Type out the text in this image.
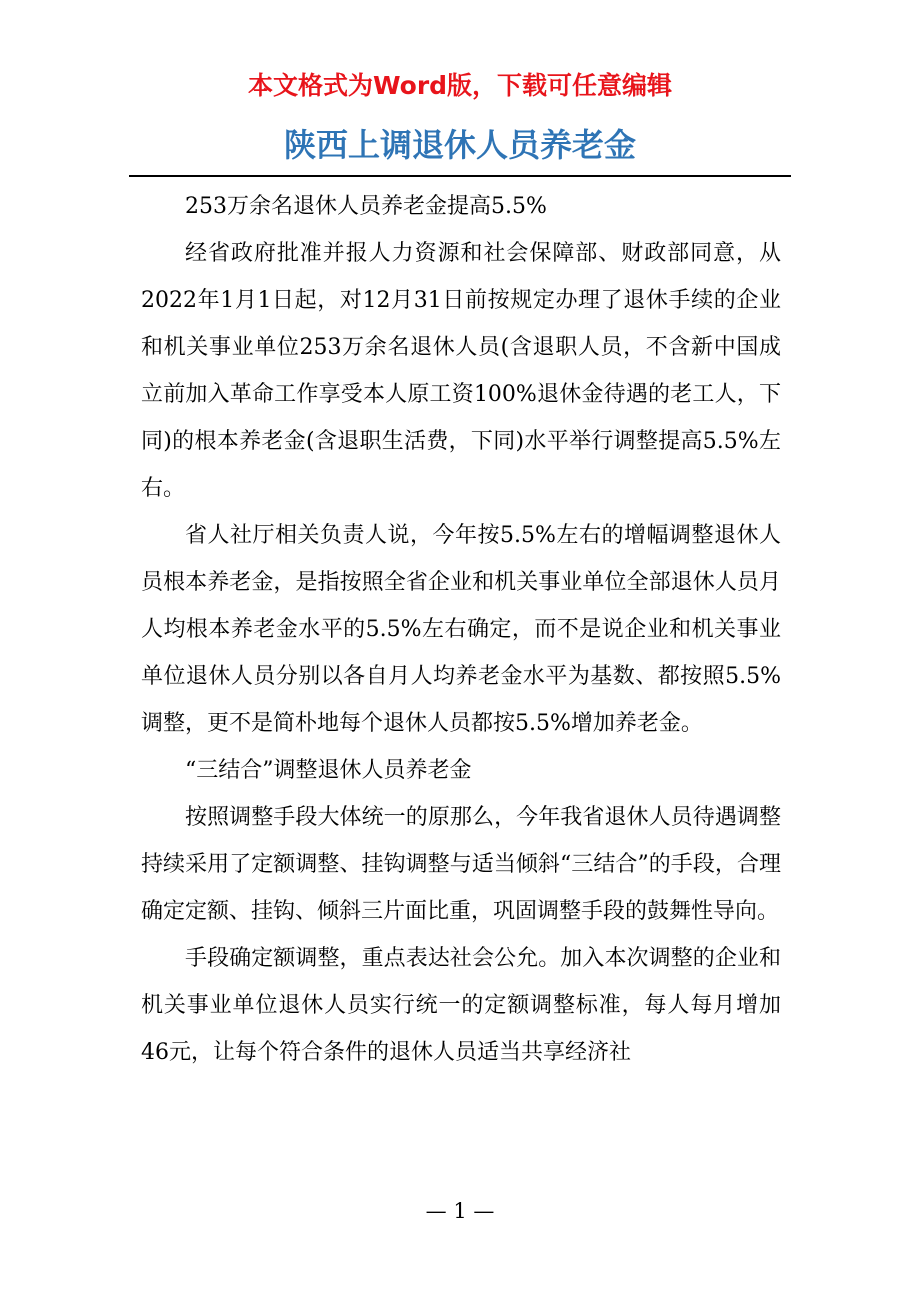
本文格式为Word版，下载可任意编辑
陕西上调退休人员养老金

253万余名退休人员养老金提高5.5%

经省政府批准并报人力资源和社会保障部、财政部同意，从2022年1月1日起，对12月31日前按规定办理了退休手续的企业和机关事业单位253万余名退休人员(含退职人员，不含新中国成立前加入革命工作享受本人原工资100%退休金待遇的老工人，下同)的根本养老金(含退职生活费，下同)水平举行调整提高5.5%左右。

省人社厅相关负责人说，今年按5.5%左右的增幅调整退休人员根本养老金，是指按照全省企业和机关事业单位全部退休人员月人均根本养老金水平的5.5%左右确定，而不是说企业和机关事业单位退休人员分别以各自月人均养老金水平为基数、都按照5.5%调整，更不是简朴地每个退休人员都按5.5%增加养老金。

“三结合”调整退休人员养老金

按照调整手段大体统一的原那么，今年我省退休人员待遇调整持续采用了定额调整、挂钩调整与适当倾斜“三结合”的手段，合理确定定额、挂钩、倾斜三片面比重，巩固调整手段的鼓舞性导向。

手段确定额调整，重点表达社会公允。加入本次调整的企业和机关事业单位退休人员实行统一的定额调整标准，每人每月增加46元，让每个符合条件的退休人员适当共享经济社

— 1 —
